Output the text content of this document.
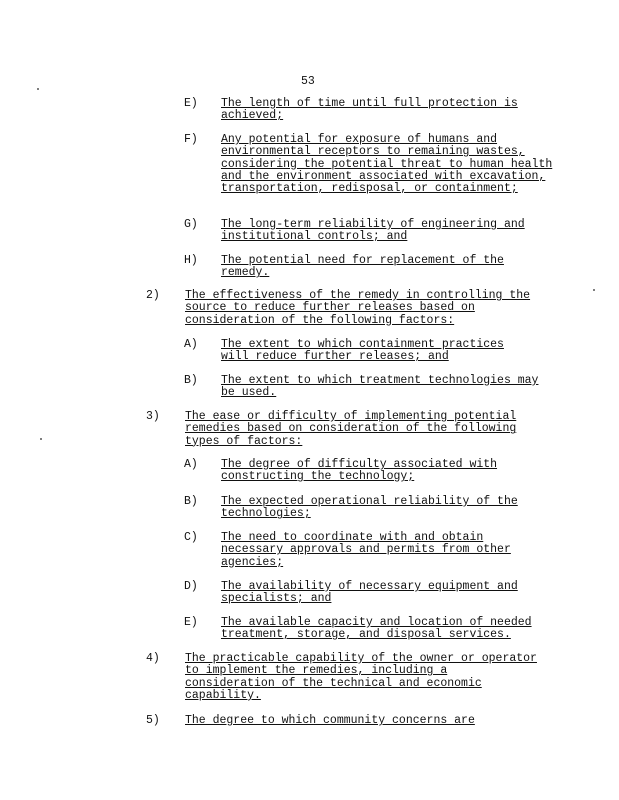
53
E) The length of time until full protection is achieved;
F) Any potential for exposure of humans and environmental receptors to remaining wastes, considering the potential threat to human health and the environment associated with excavation, transportation, redisposal, or containment;
G) The long-term reliability of engineering and institutional controls; and
H) The potential need for replacement of the remedy.
2) The effectiveness of the remedy in controlling the source to reduce further releases based on consideration of the following factors:
A) The extent to which containment practices will reduce further releases; and
B) The extent to which treatment technologies may be used.
3) The ease or difficulty of implementing potential remedies based on consideration of the following types of factors:
A) The degree of difficulty associated with constructing the technology;
B) The expected operational reliability of the technologies;
C) The need to coordinate with and obtain necessary approvals and permits from other agencies;
D) The availability of necessary equipment and specialists; and
E) The available capacity and location of needed treatment, storage, and disposal services.
4) The practicable capability of the owner or operator to implement the remedies, including a consideration of the technical and economic capability.
5) The degree to which community concerns are
